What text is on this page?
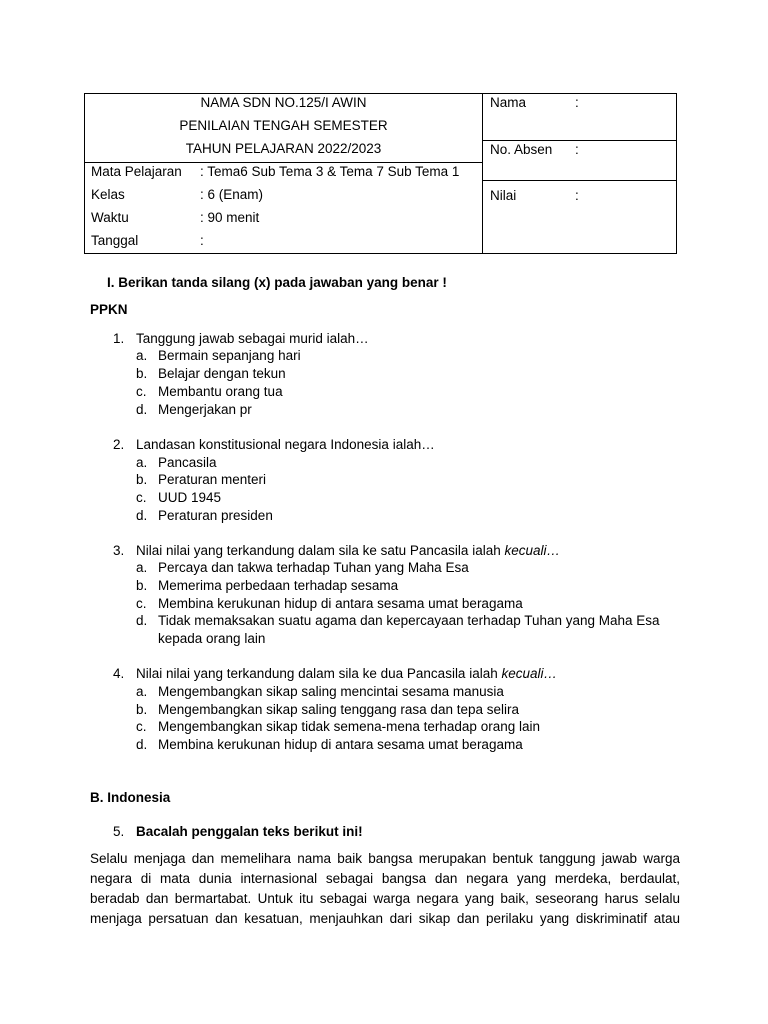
NAMA SDN NO.125/I AWIN
PENILAIAN TENGAH SEMESTER
TAHUN PELAJARAN 2022/2023
Mata Pelajaran : Tema6 Sub Tema 3 & Tema 7 Sub Tema 1
Kelas	: 6 (Enam)
Waktu	: 90 menit
Tanggal	:
Nama	:
No. Absen :
Nilai	:
I. Berikan tanda silang (x) pada jawaban yang benar !
PPKN
1. Tanggung jawab sebagai murid ialah…
a. Bermain sepanjang hari
b. Belajar dengan tekun
c. Membantu orang tua
d. Mengerjakan pr
2. Landasan konstitusional negara Indonesia ialah…
a. Pancasila
b. Peraturan menteri
c. UUD 1945
d. Peraturan presiden
3. Nilai nilai yang terkandung dalam sila ke satu Pancasila ialah kecuali…
a. Percaya dan takwa terhadap Tuhan yang Maha Esa
b. Memerima perbedaan terhadap sesama
c. Membina kerukunan hidup di antara sesama umat beragama
d. Tidak memaksakan suatu agama dan kepercayaan terhadap Tuhan yang Maha Esa
kepada orang lain
4. Nilai nilai yang terkandung dalam sila ke dua Pancasila ialah kecuali…
a. Mengembangkan sikap saling mencintai sesama manusia
b. Mengembangkan sikap saling tenggang rasa dan tepa selira
c. Mengembangkan sikap tidak semena-mena terhadap orang lain
d. Membina kerukunan hidup di antara sesama umat beragama
B. Indonesia
5. Bacalah penggalan teks berikut ini!
Selalu menjaga dan memelihara nama baik bangsa merupakan bentuk tanggung jawab warga
negara di mata dunia internasional sebagai bangsa dan negara yang merdeka, berdaulat,
beradab dan bermartabat. Untuk itu sebagai warga negara yang baik, seseorang harus selalu
menjaga persatuan dan kesatuan, menjauhkan dari sikap dan perilaku yang diskriminatif atau
